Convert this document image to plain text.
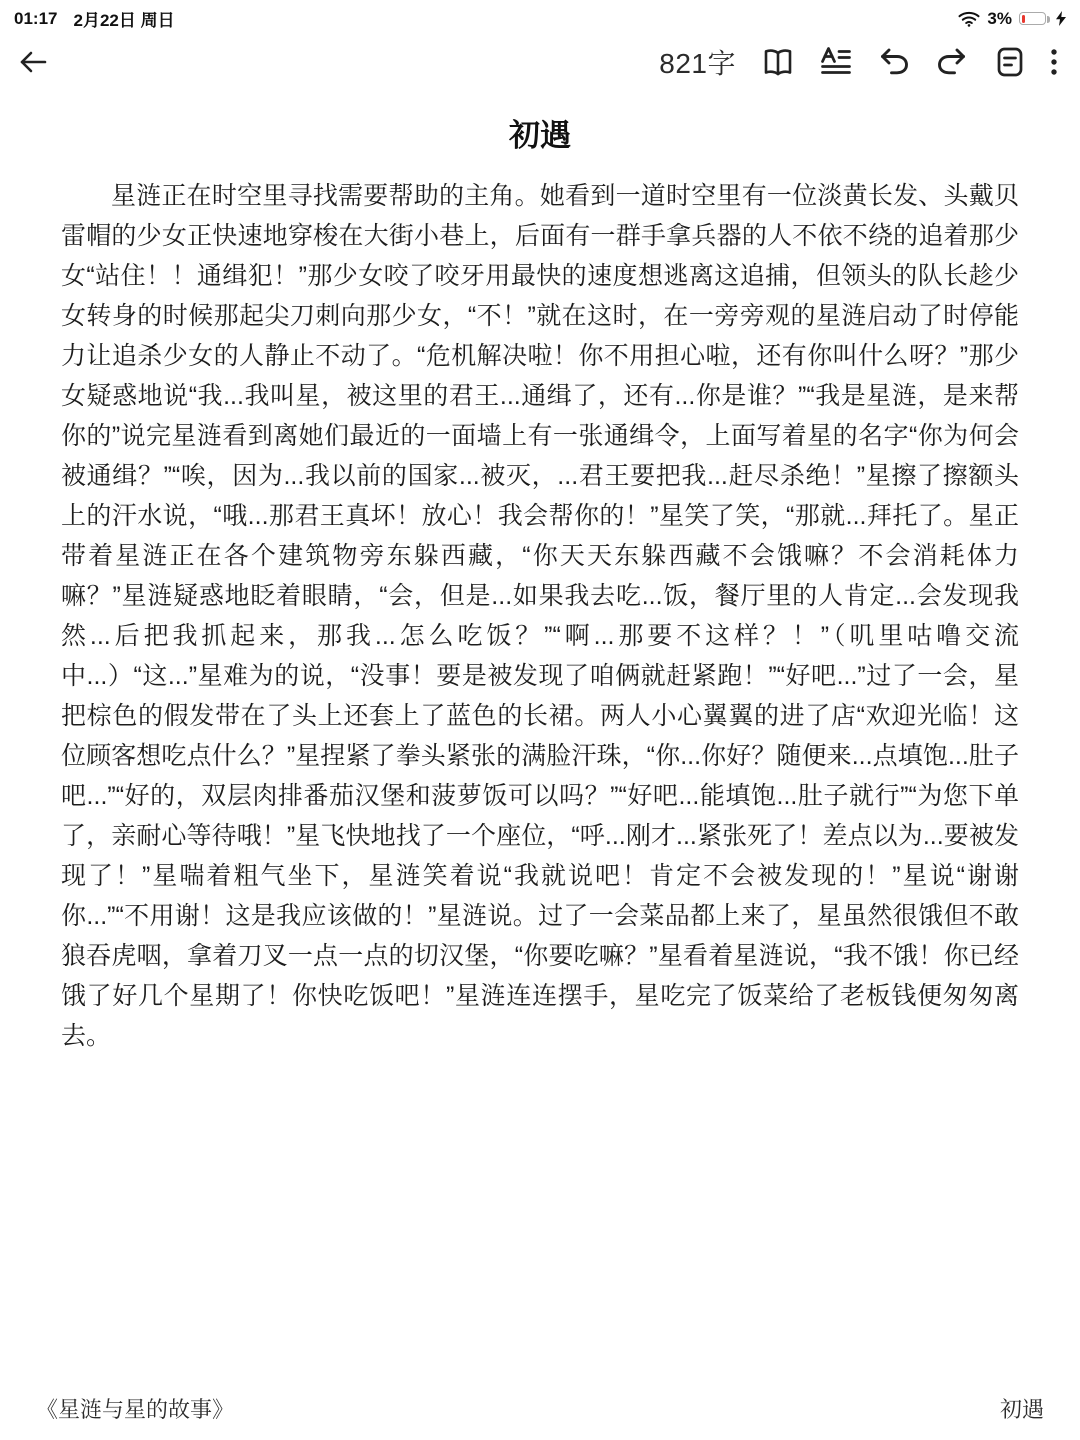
01:17 2月22日 周日	3%
821字
初遇
星涟正在时空里寻找需要帮助的主角。她看到一道时空里有一位淡黄长发、头戴贝雷帽的少女正快速地穿梭在大街小巷上，后面有一群手拿兵器的人不依不绕的追着那少女“站住！！通缉犯！”那少女咬了咬牙用最快的速度想逃离这追捕，但领头的队长趁少女转身的时候那起尖刀刺向那少女，“不！”就在这时，在一旁旁观的星涟启动了时停能力让追杀少女的人静止不动了。“危机解决啦！你不用担心啦，还有你叫什么呀？”那少女疑惑地说“我...我叫星，被这里的君王...通缉了，还有...你是谁？”“我是星涟，是来帮你的”说完星涟看到离她们最近的一面墙上有一张通缉令，上面写着星的名字“你为何会被通缉？”“唉，因为...我以前的国家...被灭，...君王要把我...赶尽杀绝！”星擦了擦额头上的汗水说，“哦...那君王真坏！放心！我会帮你的！”星笑了笑，“那就...拜托了。星正带着星涟正在各个建筑物旁东躲西藏，“你天天东躲西藏不会饿嘛？不会消耗体力嘛？”星涟疑惑地眨着眼睛，“会，但是...如果我去吃...饭，餐厅里的人肯定...会发现我然...后把我抓起来，那我...怎么吃饭？”“啊...那要不这样？！”（叽里咕噜交流中...）“这...”星难为的说，“没事！要是被发现了咱俩就赶紧跑！”“好吧...”过了一会，星把棕色的假发带在了头上还套上了蓝色的长裙。两人小心翼翼的进了店“欢迎光临！这位顾客想吃点什么？”星捏紧了拳头紧张的满脸汗珠，“你...你好？随便来...点填饱...肚子吧...”“好的，双层肉排番茄汉堡和菠萝饭可以吗？”“好吧...能填饱...肚子就行”“为您下单了，亲耐心等待哦！”星飞快地找了一个座位，“呼...刚才...紧张死了！差点以为...要被发现了！”星喘着粗气坐下，星涟笑着说“我就说吧！肯定不会被发现的！”星说“谢谢你...”“不用谢！这是我应该做的！”星涟说。过了一会菜品都上来了，星虽然很饿但不敢狼吞虎咽，拿着刀叉一点一点的切汉堡，“你要吃嘛？”星看着星涟说，“我不饿！你已经饿了好几个星期了！你快吃饭吧！”星涟连连摆手，星吃完了饭菜给了老板钱便匆匆离去。
《星涟与星的故事》	初遇
